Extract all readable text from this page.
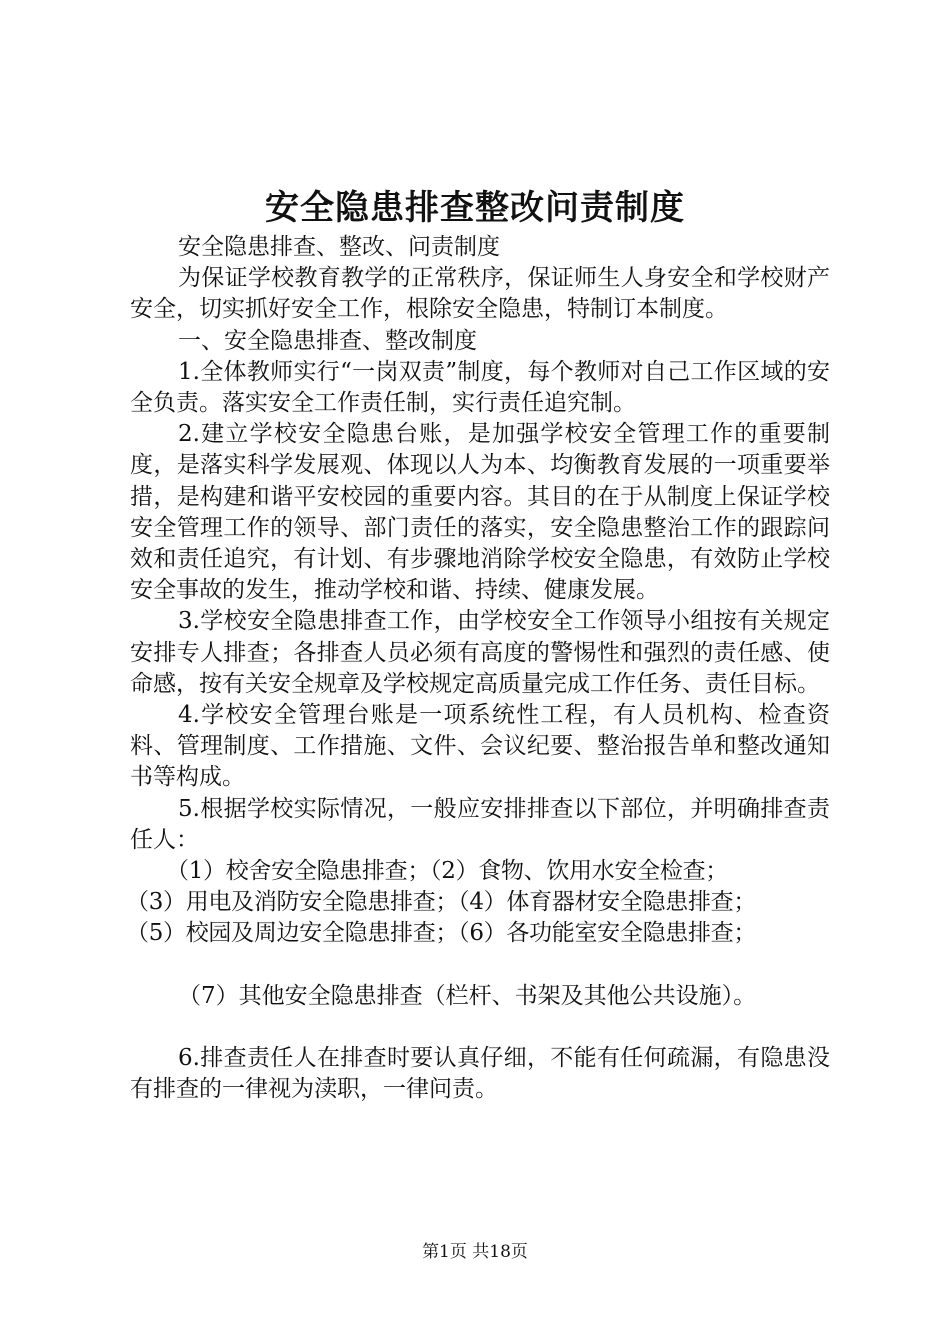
安全隐患排查整改问责制度

安全隐患排查、整改、问责制度

为保证学校教育教学的正常秩序，保证师生人身安全和学校财产安全，切实抓好安全工作，根除安全隐患，特制订本制度。

一、安全隐患排查、整改制度

1.全体教师实行“一岗双责”制度，每个教师对自己工作区域的安全负责。落实安全工作责任制，实行责任追究制。

2.建立学校安全隐患台账，是加强学校安全管理工作的重要制度，是落实科学发展观、体现以人为本、均衡教育发展的一项重要举措，是构建和谐平安校园的重要内容。其目的在于从制度上保证学校安全管理工作的领导、部门责任的落实，安全隐患整治工作的跟踪问效和责任追究，有计划、有步骤地消除学校安全隐患，有效防止学校安全事故的发生，推动学校和谐、持续、健康发展。

3.学校安全隐患排查工作，由学校安全工作领导小组按有关规定安排专人排查；各排查人员必须有高度的警惕性和强烈的责任感、使命感，按有关安全规章及学校规定高质量完成工作任务、责任目标。

4.学校安全管理台账是一项系统性工程，有人员机构、检查资料、管理制度、工作措施、文件、会议纪要、整治报告单和整改通知书等构成。

5.根据学校实际情况，一般应安排排查以下部位，并明确排查责任人：

（1）校舍安全隐患排查；（2）食物、饮用水安全检查；

（3）用电及消防安全隐患排查；（4）体育器材安全隐患排查；

（5）校园及周边安全隐患排查；（6）各功能室安全隐患排查；

（7）其他安全隐患排查（栏杆、书架及其他公共设施）。

6.排查责任人在排查时要认真仔细，不能有任何疏漏，有隐患没有排查的一律视为渎职，一律问责。

第1页 共18页
